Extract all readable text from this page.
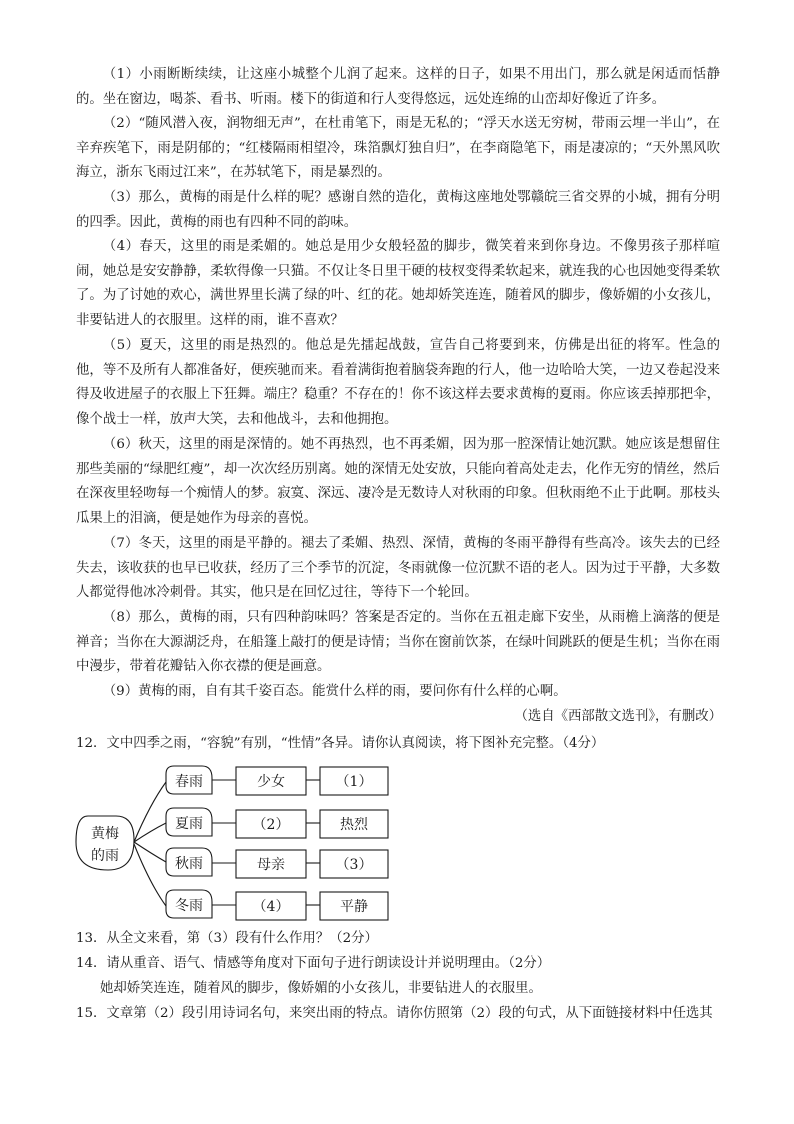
（1）小雨断断续续，让这座小城整个儿润了起来。这样的日子，如果不用出门，那么就是闲适而恬静的。坐在窗边，喝茶、看书、听雨。楼下的街道和行人变得悠远，远处连绵的山峦却好像近了许多。

（2）“随风潜入夜，润物细无声”，在杜甫笔下，雨是无私的；“浮天水送无穷树，带雨云埋一半山”，在辛弃疾笔下，雨是阴郁的；“红楼隔雨相望冷，珠箔飘灯独自归”，在李商隐笔下，雨是凄凉的；“天外黑风吹海立，浙东飞雨过江来”，在苏轼笔下，雨是暴烈的。

（3）那么，黄梅的雨是什么样的呢？感谢自然的造化，黄梅这座地处鄂赣皖三省交界的小城，拥有分明的四季。因此，黄梅的雨也有四种不同的韵味。

（4）春天，这里的雨是柔媚的。她总是用少女般轻盈的脚步，微笑着来到你身边。不像男孩子那样喧闹，她总是安安静静，柔软得像一只猫。不仅让冬日里干硬的枝杈变得柔软起来，就连我的心也因她变得柔软了。为了讨她的欢心，满世界里长满了绿的叶、红的花。她却娇笑连连，随着风的脚步，像娇媚的小女孩儿，非要钻进人的衣服里。这样的雨，谁不喜欢？

（5）夏天，这里的雨是热烈的。他总是先擂起战鼓，宣告自己将要到来，仿佛是出征的将军。性急的他，等不及所有人都准备好，便疾驰而来。看着满街抱着脑袋奔跑的行人，他一边哈哈大笑，一边又卷起没来得及收进屋子的衣服上下狂舞。端庄？稳重？不存在的！你不该这样去要求黄梅的夏雨。你应该丢掉那把伞，像个战士一样，放声大笑，去和他战斗，去和他拥抱。

（6）秋天，这里的雨是深情的。她不再热烈，也不再柔媚，因为那一腔深情让她沉默。她应该是想留住那些美丽的“绿肥红瘦”，却一次次经历别离。她的深情无处安放，只能向着高处走去，化作无穷的情丝，然后在深夜里轻吻每一个痴情人的梦。寂寞、深远、凄冷是无数诗人对秋雨的印象。但秋雨绝不止于此啊。那枝头瓜果上的泪滴，便是她作为母亲的喜悦。

（7）冬天，这里的雨是平静的。褪去了柔媚、热烈、深情，黄梅的冬雨平静得有些高冷。该失去的已经失去，该收获的也早已收获，经历了三个季节的沉淀，冬雨就像一位沉默不语的老人。因为过于平静，大多数人都觉得他冰冷刺骨。其实，他只是在回忆过往，等待下一个轮回。

（8）那么，黄梅的雨，只有四种韵味吗？答案是否定的。当你在五祖走廊下安坐，从雨檐上滴落的便是禅音；当你在大源湖泛舟，在船篷上敲打的便是诗情；当你在窗前饮茶，在绿叶间跳跃的便是生机；当你在雨中漫步，带着花瓣钻入你衣襟的便是画意。

（9）黄梅的雨，自有其千姿百态。能赏什么样的雨，要问你有什么样的心啊。

（选自《西部散文选刊》，有删改）
12．文中四季之雨，“容貌”有别，“性情”各异。请你认真阅读，将下图补充完整。（4分）
黄梅
的雨
春雨	少女	（1）
夏雨	（2）	热烈
秋雨	母亲	（3）
冬雨	（4）	平静
13．从全文来看，第（3）段有什么作用？（2分）
14．请从重音、语气、情感等角度对下面句子进行朗读设计并说明理由。（2分）
她却娇笑连连，随着风的脚步，像娇媚的小女孩儿，非要钻进人的衣服里。
15．文章第（2）段引用诗词名句，来突出雨的特点。请你仿照第（2）段的句式，从下面链接材料中任选其
